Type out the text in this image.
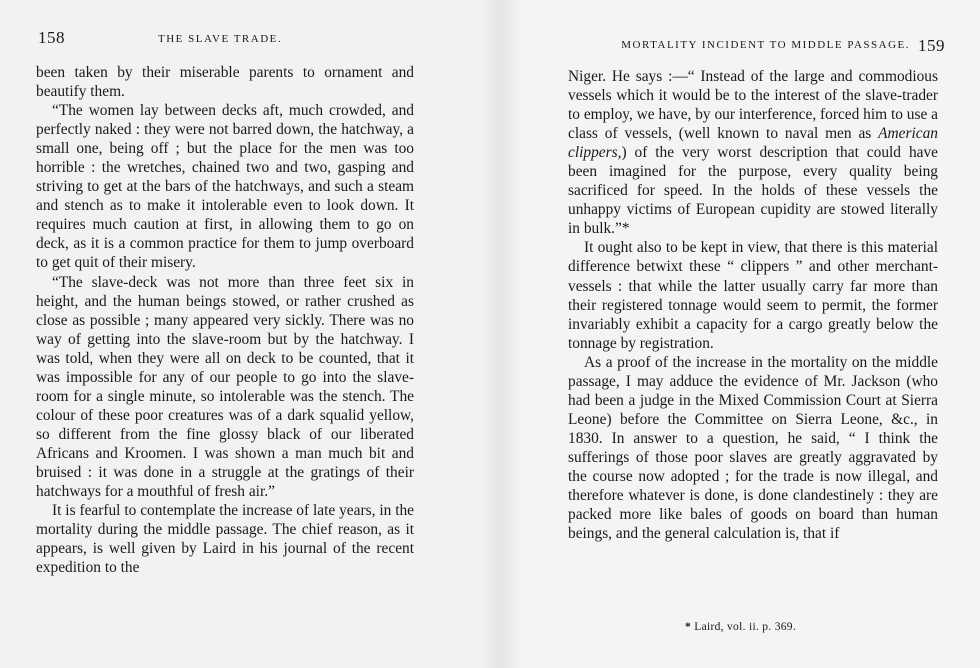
158	THE SLAVE TRADE.

been taken by their miserable parents to ornament and beautify them.

“The women lay between decks aft, much crowded, and perfectly naked : they were not barred down, the hatchway, a small one, being off ; but the place for the men was too horrible : the wretches, chained two and two, gasping and striving to get at the bars of the hatchways, and such a steam and stench as to make it intolerable even to look down. It requires much caution at first, in allowing them to go on deck, as it is a common practice for them to jump overboard to get quit of their misery.

“The slave-deck was not more than three feet six in height, and the human beings stowed, or rather crushed as close as possible ; many appeared very sickly. There was no way of getting into the slave-room but by the hatchway. I was told, when they were all on deck to be counted, that it was impossible for any of our people to go into the slave-room for a single minute, so intolerable was the stench. The colour of these poor creatures was of a dark squalid yellow, so different from the fine glossy black of our liberated Africans and Kroomen. I was shown a man much bit and bruised : it was done in a struggle at the gratings of their hatchways for a mouthful of fresh air.”

It is fearful to contemplate the increase of late years, in the mortality during the middle passage. The chief reason, as it appears, is well given by Laird in his journal of the recent expedition to the

MORTALITY INCIDENT TO MIDDLE PASSAGE. 159

Niger. He says :—“ Instead of the large and commodious vessels which it would be to the interest of the slave-trader to employ, we have, by our interference, forced him to use a class of vessels, (well known to naval men as American clippers,) of the very worst description that could have been imagined for the purpose, every quality being sacrificed for speed. In the holds of these vessels the unhappy victims of European cupidity are stowed literally in bulk.”*

It ought also to be kept in view, that there is this material difference betwixt these “ clippers ” and other merchant-vessels : that while the latter usually carry far more than their registered tonnage would seem to permit, the former invariably exhibit a capacity for a cargo greatly below the tonnage by registration.

As a proof of the increase in the mortality on the middle passage, I may adduce the evidence of Mr. Jackson (who had been a judge in the Mixed Commission Court at Sierra Leone) before the Committee on Sierra Leone, &c., in 1830. In answer to a question, he said, “ I think the sufferings of those poor slaves are greatly aggravated by the course now adopted ; for the trade is now illegal, and therefore whatever is done, is done clandestinely : they are packed more like bales of goods on board than human beings, and the general calculation is, that if

* Laird, vol. ii. p. 369.
